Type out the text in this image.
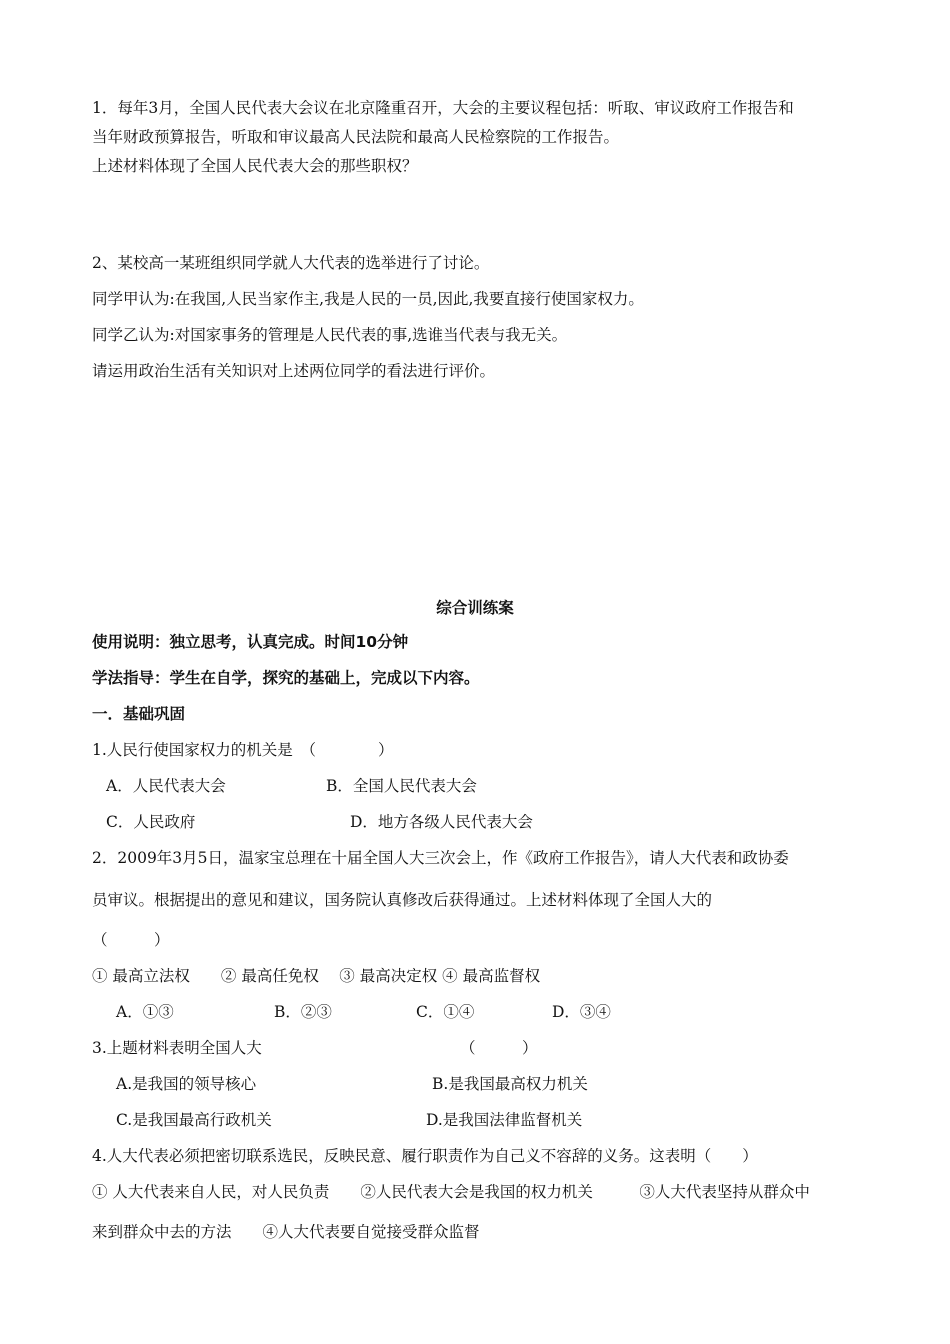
1．每年3月，全国人民代表大会议在北京隆重召开，大会的主要议程包括：听取、审议政府工作报告和
当年财政预算报告，听取和审议最高人民法院和最高人民检察院的工作报告。
上述材料体现了全国人民代表大会的那些职权？
2、某校高一某班组织同学就人大代表的选举进行了讨论。
同学甲认为:在我国,人民当家作主,我是人民的一员,因此,我要直接行使国家权力。
同学乙认为:对国家事务的管理是人民代表的事,选谁当代表与我无关。
请运用政治生活有关知识对上述两位同学的看法进行评价。
综合训练案
使用说明：独立思考，认真完成。时间10分钟
学法指导：学生在自学，探究的基础上，完成以下内容。
一．基础巩固
1.人民行使国家权力的机关是　（　　　　）
A．人民代表大会	B．全国人民代表大会
C．人民政府	D．地方各级人民代表大会
2．2009年3月5日，温家宝总理在十届全国人大三次会上，作《政府工作报告》，请人大代表和政协委
员审议。根据提出的意见和建议，国务院认真修改后获得通过。上述材料体现了全国人大的
（　　　）
① 最高立法权　　② 最高任免权　 ③ 最高决定权 ④ 最高监督权
A．①③	B．②③	C．①④	D．③④
3.上题材料表明全国人大	（　　　）
A.是我国的领导核心	B.是我国最高权力机关
C.是我国最高行政机关	D.是我国法律监督机关
4.人大代表必须把密切联系选民，反映民意、履行职责作为自己义不容辞的义务。这表明（　　）
① 人大代表来自人民，对人民负责　　②人民代表大会是我国的权力机关　　　③人大代表坚持从群众中
来到群众中去的方法　　④人大代表要自觉接受群众监督
